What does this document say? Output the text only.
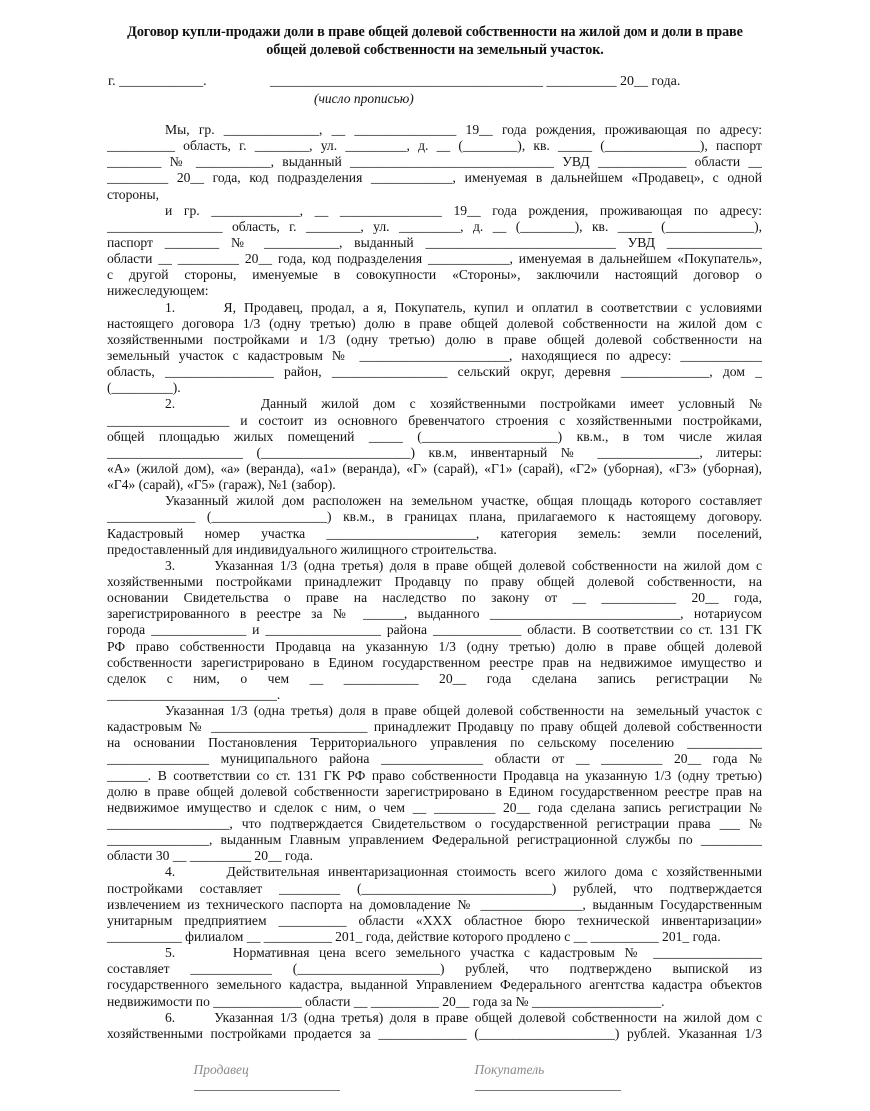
Договор купли-продажи доли в праве общей долевой собственности на жилой дом и доли в праве
общей долевой собственности на земельный участок.
г. ____________.	_______________________________________ __________ 20__ года.
(число прописью)
Мы, гр. ______________, __ _______________ 19__ года рождения, проживающая по адресу:
__________ область, г. ________, ул. _________, д. __ (________), кв. _____ (______________), паспорт
________ № ___________, выданный ______________________________ УВД _____________ области __
_________ 20__ года, код подразделения ____________, именуемая в дальнейшем «Продавец», с одной
стороны,
и гр. _____________, __ _______________ 19__ года рождения, проживающая по адресу:
_________________ область, г. ________, ул. _________, д. __ (________), кв. _____ (_____________),
паспорт ________ № ___________, выданный ____________________________ УВД ______________
области __ _________ 20__ года, код подразделения ____________, именуемая в дальнейшем «Покупатель»,
с другой стороны, именуемые в совокупности «Стороны», заключили настоящий договор о
нижеследующем:
1.      Я, Продавец, продал, а я, Покупатель, купил и оплатил в соответствии с условиями
настоящего договора 1/3 (одну третью) долю в праве общей долевой собственности на жилой дом с
хозяйственными постройками и 1/3 (одну третью) долю в праве общей долевой собственности на
земельный участок с кадастровым № ______________________, находящиеся по адресу: ____________
область, ________________ район, _________________ сельский округ, деревня _____________, дом _
(_________).
2.      Данный жилой дом с хозяйственными постройками имеет условный №
__________________ и состоит из основного бревенчатого строения с хозяйственными постройками,
общей площадью жилых помещений _____ (____________________) кв.м., в том числе жилая
____________________ (______________________) кв.м, инвентарный № _______________, литеры:
«А» (жилой дом), «а» (веранда), «а1» (веранда), «Г» (сарай), «Г1» (сарай), «Г2» (уборная), «Г3» (уборная),
«Г4» (сарай), «Г5» (гараж), №1 (забор).
Указанный жилой дом расположен на земельном участке, общая площадь которого составляет
_____________ (_________________) кв.м., в границах плана, прилагаемого к настоящему договору.
Кадастровый номер участка ______________________, категория земель: земли поселений,
предоставленный для индивидуального жилищного строительства.
3.      Указанная 1/3 (одна третья) доля в праве общей долевой собственности на жилой дом с
хозяйственными постройками принадлежит Продавцу по праву общей долевой собственности, на
основании Свидетельства о праве на наследство по закону от __ ___________ 20__ года,
зарегистрированного в реестре за № ______, выданного ____________________________, нотариусом
города ______________ и _________________ района _____________ области. В соответствии со ст. 131 ГК
РФ право собственности Продавца на указанную 1/3 (одну третью) долю в праве общей долевой
собственности зарегистрировано в Едином государственном реестре прав на недвижимое имущество и
сделок с ним, о чем __ ___________ 20__ года сделана запись регистрации №
_________________________.
Указанная 1/3 (одна третья) доля в праве общей долевой собственности на  земельный участок с
кадастровым № _______________________ принадлежит Продавцу по праву общей долевой собственности
на основании Постановления Территориального управления по сельскому поселению ___________
_______________ муниципального района _______________ области от __ _________ 20__ года №
______. В соответствии со ст. 131 ГК РФ право собственности Продавца на указанную 1/3 (одну третью)
долю в праве общей долевой собственности зарегистрировано в Едином государственном реестре прав на
недвижимое имущество и сделок с ним, о чем __ _________ 20__ года сделана запись регистрации №
__________________, что подтверждается Свидетельством о государственной регистрации права ___ №
_______________, выданным Главным управлением Федеральной регистрационной службы по _________
области 30 __ _________ 20__ года.
4.      Действительная инвентаризационная стоимость всего жилого дома с хозяйственными
постройками составляет _________ (____________________________) рублей, что подтверждается
извлечением из технического паспорта на домовладение № _______________, выданным Государственным
унитарным предприятием __________ области «ХХХ областное бюро технической инвентаризации»
___________ филиалом __ __________ 201_ года, действие которого продлено с __ __________ 201_ года.
5.      Нормативная цена всего земельного участка с кадастровым № ________________
составляет ____________ (_____________________) рублей, что подтверждено выпиской из
государственного земельного кадастра, выданной Управлением Федерального агентства кадастра объектов
недвижимости по _____________ области __ __________ 20__ года за № ___________________.
6.      Указанная 1/3 (одна третья) доля в праве общей долевой собственности на жилой дом с
хозяйственными постройками продается за _____________ (____________________) рублей. Указанная 1/3

Продавец

	Покупатель
